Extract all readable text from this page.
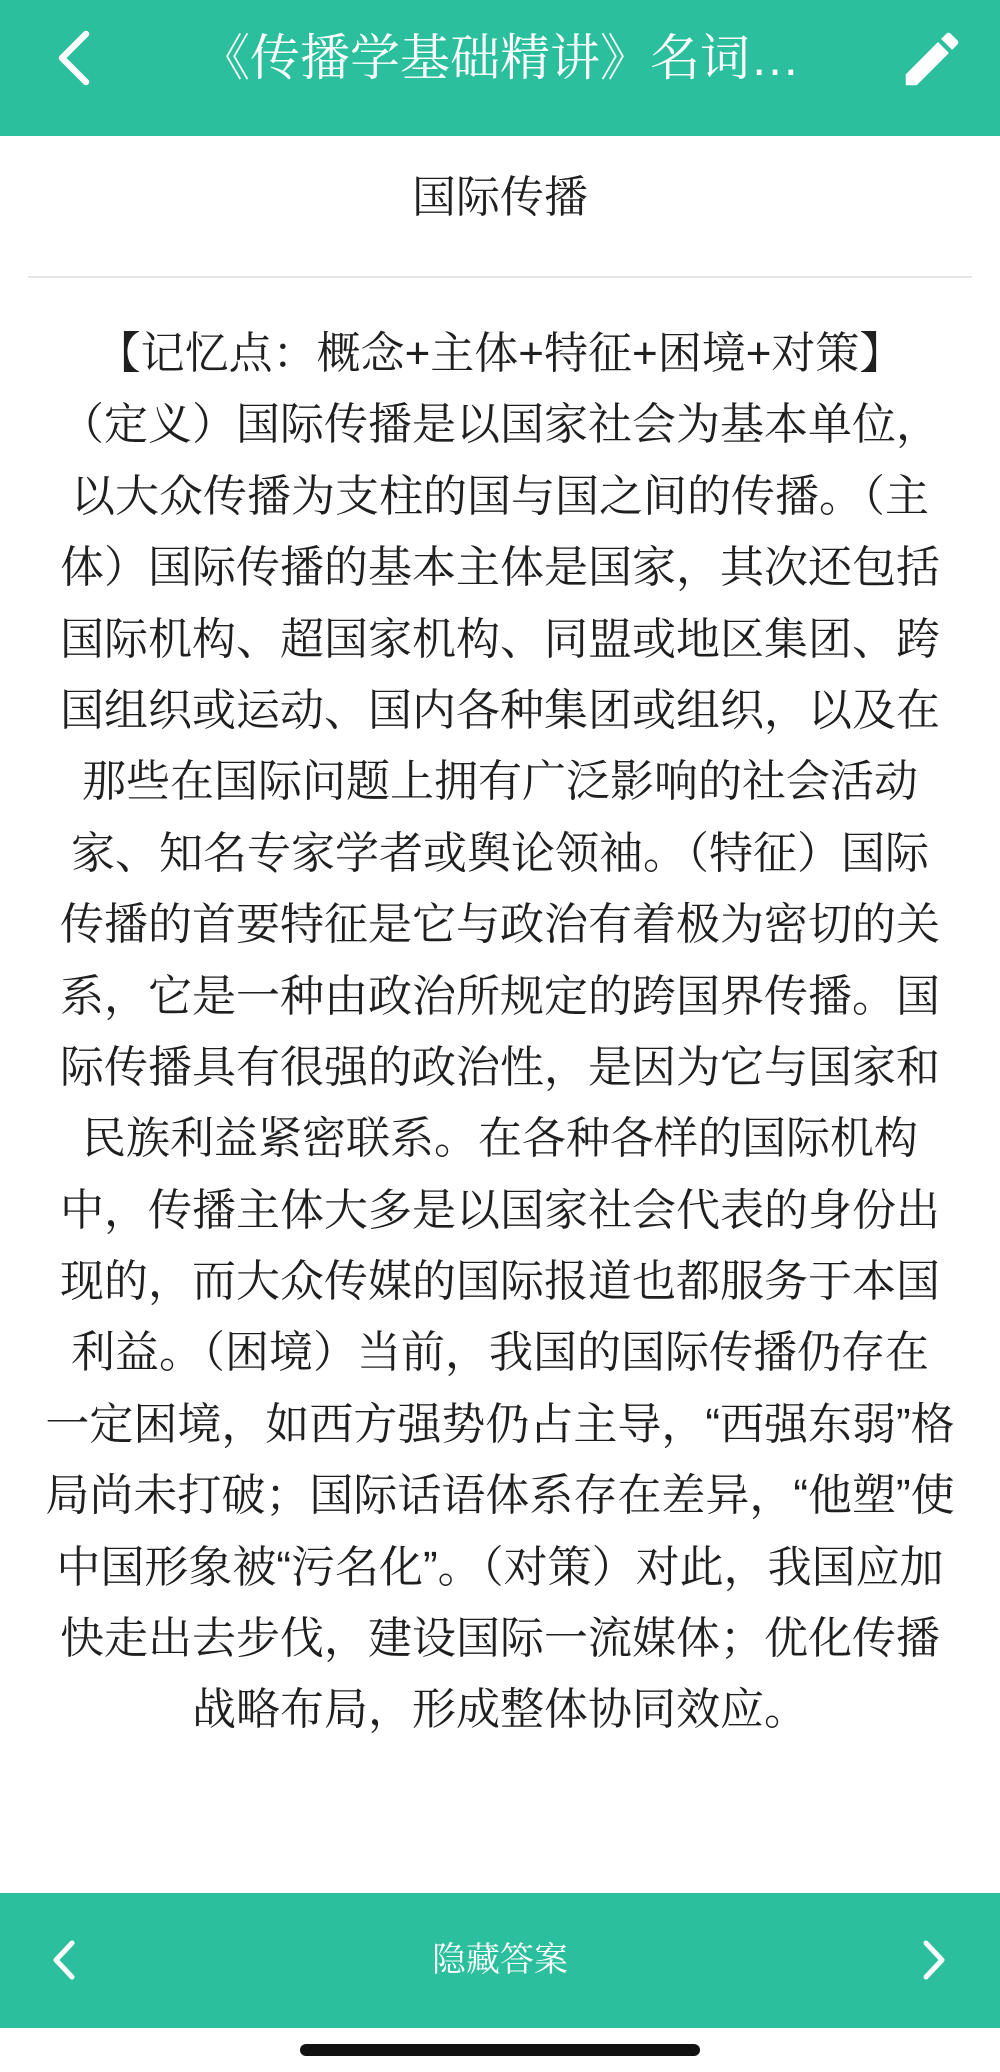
《传播学基础精讲》名词…
国际传播
【记忆点：概念+主体+特征+困境+对策】
（定义）国际传播是以国家社会为基本单位，
以大众传播为支柱的国与国之间的传播。（主
体）国际传播的基本主体是国家，其次还包括
国际机构、超国家机构、同盟或地区集团、跨
国组织或运动、国内各种集团或组织，以及在
那些在国际问题上拥有广泛影响的社会活动
家、知名专家学者或舆论领袖。（特征）国际
传播的首要特征是它与政治有着极为密切的关
系，它是一种由政治所规定的跨国界传播。国
际传播具有很强的政治性，是因为它与国家和
民族利益紧密联系。在各种各样的国际机构
中，传播主体大多是以国家社会代表的身份出
现的，而大众传媒的国际报道也都服务于本国
利益。（困境）当前，我国的国际传播仍存在
一定困境，如西方强势仍占主导，“西强东弱”格
局尚未打破；国际话语体系存在差异，“他塑”使
中国形象被“污名化”。（对策）对此，我国应加
快走出去步伐，建设国际一流媒体；优化传播
战略布局，形成整体协同效应。
隐藏答案
